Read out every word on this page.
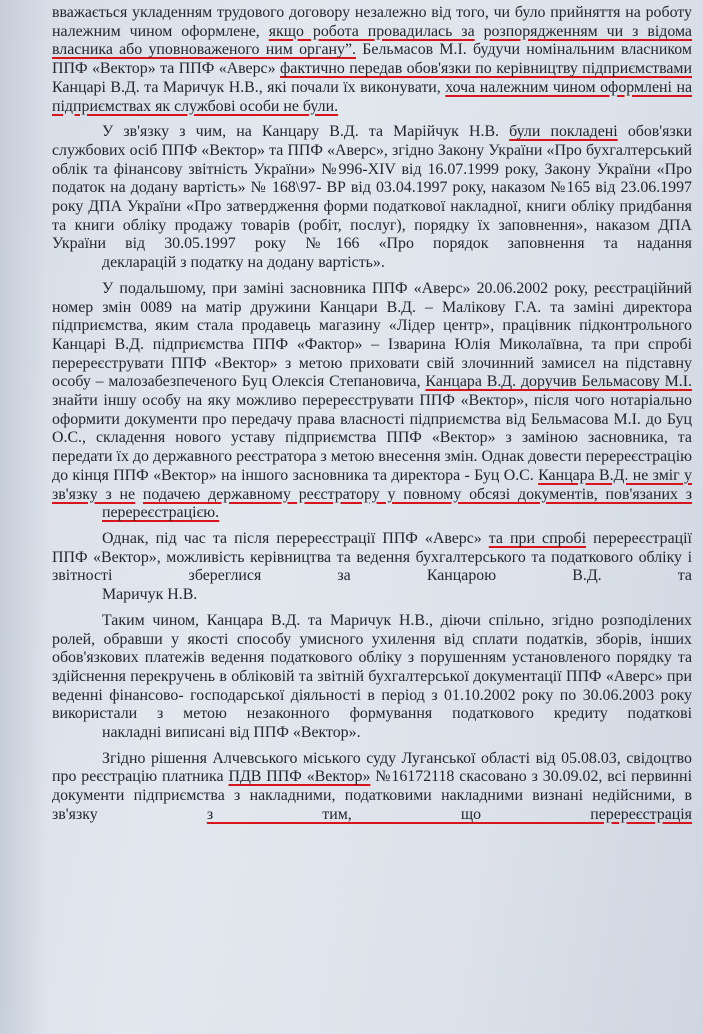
вважається укладенням трудового договору незалежно від того, чи було прийняття на роботу належним чином оформлене, якщо робота провадилась за розпорядженням чи з відома власника або уповноваженого ним органу”. Бельмасов М.І. будучи номінальним власником ППФ «Вектор» та ППФ «Аверс» фактично передав обов'язки по керівництву підприємствами Канцарі В.Д. та Маричук Н.В., які почали їх виконувати, хоча належним чином оформлені на
підприємствах як службові особи не були.

У зв'язку з чим, на Канцару В.Д. та Марійчук Н.В. були покладені обов'язки службових осіб ППФ «Вектор» та ППФ «Аверс», згідно Закону України «Про бухгалтерський облік та фінансову звітність України» №996-XIV від 16.07.1999 року, Закону України «Про податок на додану вартість» № 168\97- ВР від 03.04.1997 року, наказом №165 від 23.06.1997 року ДПА України «Про затвердження форми податкової накладної, книги обліку придбання та книги обліку продажу товарів (робіт, послуг), порядку їх заповнення», наказом ДПА України від 30.05.1997 року №166 «Про порядок заповнення та надання
декларацій з податку на додану вартість».

У подальшому, при заміні засновника ППФ «Аверс» 20.06.2002 року, реєстраційний номер змін 0089 на матір дружини Канцари В.Д. – Малікову Г.А. та заміні директора підприємства, яким стала продавець магазину «Лідер центр», працівник підконтрольного Канцарі В.Д. підприємства ППФ «Фактор» – Ізварина Юлія Миколаївна, та при спробі перереєструвати ППФ «Вектор» з метою приховати свій злочинний замисел на підставну особу – малозабезпеченого Буц Олексія Степановича, Канцара В.Д. доручив Бельмасову М.І. знайти іншу особу на яку можливо перереєструвати ППФ «Вектор», після чого нотаріально оформити документи про передачу права власності підприємства від Бельмасова М.І. до Буц О.С., складення нового уставу підприємства ППФ «Вектор» з заміною засновника, та передати їх до державного реєстратора з метою внесення змін. Однак довести перереєстрацію до кінця ППФ «Вектор» на іншого засновника та директора - Буц О.С. Канцара В.Д. не зміг у зв'язку з не подачею державному реєстратору у повному обсязі документів, пов'язаних з
перереєстрацією.

Однак, під час та після перереєстрації ППФ «Аверс» та при спробі перереєстрації ППФ «Вектор», можливість керівництва та ведення бухгалтерського та податкового обліку і звітності збереглися за Канцарою В.Д. та
Маричук Н.В.

Таким чином, Канцара В.Д. та Маричук Н.В., діючи спільно, згідно розподілених ролей, обравши у якості способу умисного ухилення від сплати податків, зборів, інших обов'язкових платежів ведення податкового обліку з порушенням установленого порядку та здійснення перекручень в обліковій та звітній бухгалтерської документації ППФ «Аверс» при веденні фінансово- господарської діяльності в період з 01.10.2002 року по 30.06.2003 року використали з метою незаконного формування податкового кредиту податкові
накладні виписані від ППФ «Вектор».

Згідно рішення Алчевського міського суду Луганської області від 05.08.03, свідоцтво про реєстрацію платника ПДВ ППФ «Вектор» №16172118 скасовано з 30.09.02, всі первинні документи підприємства з накладними, податковими накладними визнані недійсними, в зв'язку	з тим, що перереєстрація
